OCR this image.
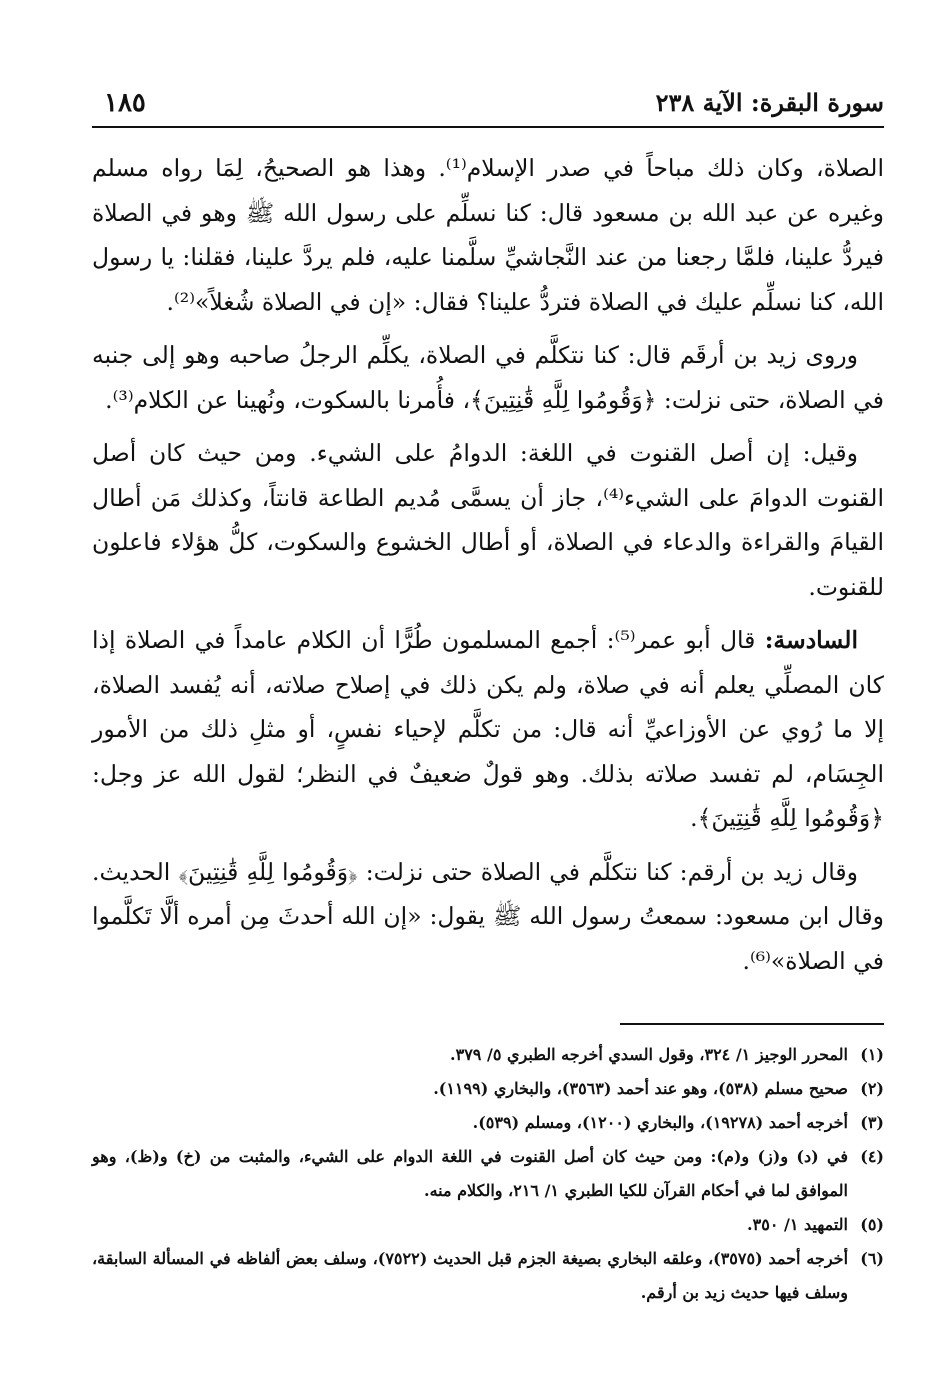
١٨٥	سورة البقرة: الآية ٢٣٨

الصلاة، وكان ذلك مباحاً في صدر الإسلام⁽¹⁾. وهذا هو الصحيحُ، لِمَا رواه مسلم وغيره عن عبد الله بن مسعود قال: كنا نسلِّم على رسول الله ﷺ وهو في الصلاة فيردُّ علينا، فلمَّا رجعنا من عند النَّجاشيِّ سلَّمنا عليه، فلم يردَّ علينا، فقلنا: يا رسول الله، كنا نسلِّم عليك في الصلاة فتردُّ علينا؟ فقال: «إن في الصلاة شُغلاً»⁽²⁾.

وروى زيد بن أرقَم قال: كنا نتكلَّم في الصلاة، يكلِّم الرجلُ صاحبه وهو إلى جنبه في الصلاة، حتى نزلت: ﴿وَقُومُوا لِلَّهِ قَٰنِتِينَ﴾، فأُمرنا بالسكوت، ونُهينا عن الكلام⁽³⁾.

وقيل: إن أصل القنوت في اللغة: الدوامُ على الشيء. ومن حيث كان أصل القنوت الدوامَ على الشيء⁽⁴⁾، جاز أن يسمَّى مُديم الطاعة قانتاً، وكذلك مَن أطال القيامَ والقراءة والدعاء في الصلاة، أو أطال الخشوع والسكوت، كلُّ هؤلاء فاعلون للقنوت.

السادسة: قال أبو عمر⁽⁵⁾: أجمع المسلمون طُرًّا أن الكلام عامداً في الصلاة إذا كان المصلِّي يعلم أنه في صلاة، ولم يكن ذلك في إصلاح صلاته، أنه يُفسد الصلاة، إلا ما رُوي عن الأوزاعيِّ أنه قال: من تكلَّم لإحياء نفسٍ، أو مثلِ ذلك من الأمور الجِسَام، لم تفسد صلاته بذلك. وهو قولٌ ضعيفٌ في النظر؛ لقول الله عز وجل: ﴿وَقُومُوا لِلَّهِ قَٰنِتِينَ﴾.

وقال زيد بن أرقم: كنا نتكلَّم في الصلاة حتى نزلت: ﴿وَقُومُوا لِلَّهِ قَٰنِتِينَ﴾ الحديث. وقال ابن مسعود: سمعتُ رسول الله ﷺ يقول: «إن الله أحدثَ مِن أمره ألَّا تَكلَّموا في الصلاة»⁽⁶⁾.

(١)
المحرر الوجيز ١/ ٣٢٤، وقول السدي أخرجه الطبري ٥/ ٣٧٩.
(٢)
صحيح مسلم (٥٣٨)، وهو عند أحمد (٣٥٦٣)، والبخاري (١١٩٩).
(٣)
أخرجه أحمد (١٩٢٧٨)، والبخاري (١٢٠٠)، ومسلم (٥٣٩).
(٤)
في (د) و(ز) و(م): ومن حيث كان أصل القنوت في اللغة الدوام على الشيء، والمثبت من (خ) و(ظ)، وهو الموافق لما في أحكام القرآن للكيا الطبري ١/ ٢١٦، والكلام منه.
(٥)
التمهيد ١/ ٣٥٠.
(٦)
أخرجه أحمد (٣٥٧٥)، وعلقه البخاري بصيغة الجزم قبل الحديث (٧٥٢٢)، وسلف بعض ألفاظه في المسألة السابقة، وسلف فيها حديث زيد بن أرقم.
